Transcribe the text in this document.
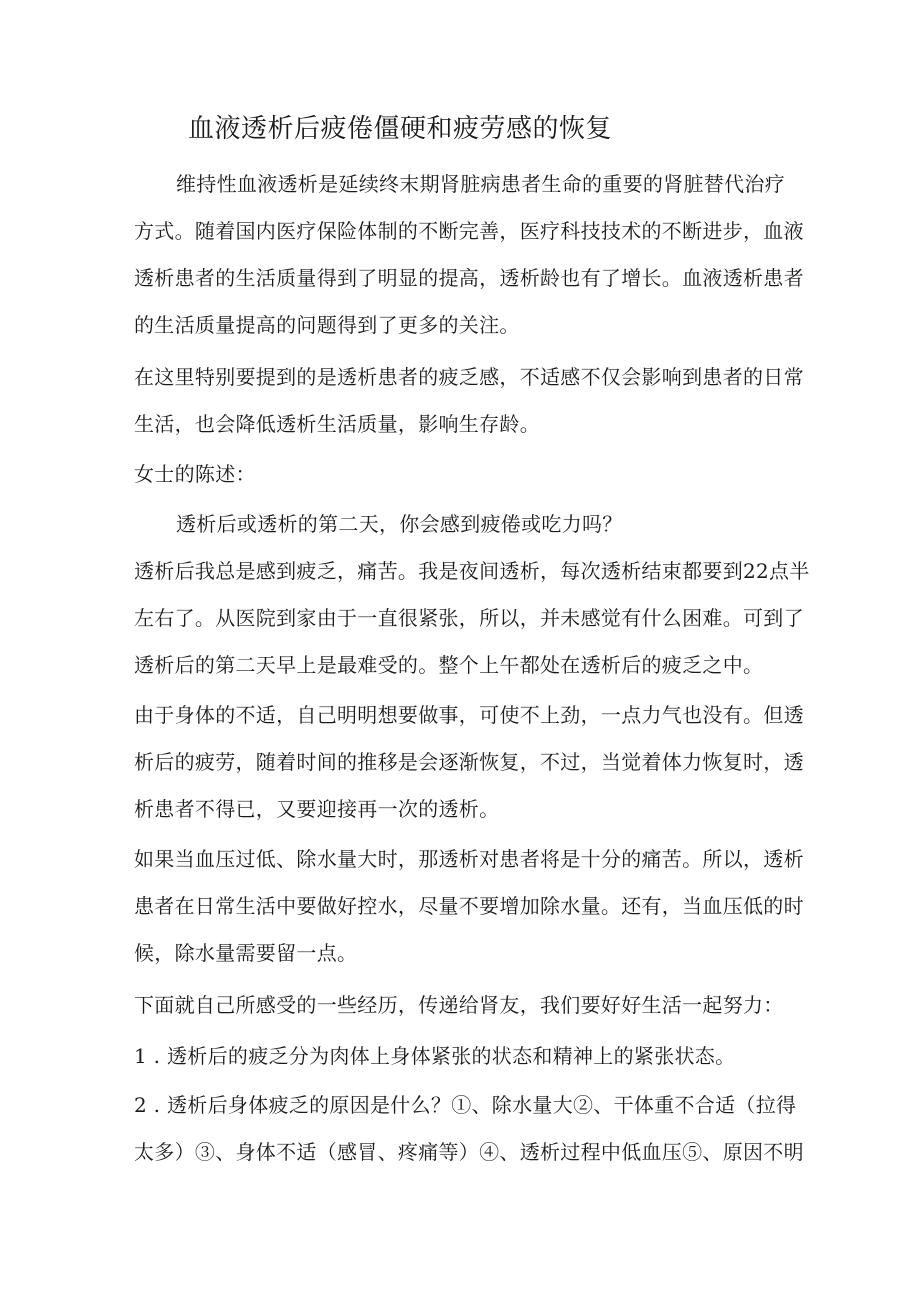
血液透析后疲倦僵硬和疲劳感的恢复
维持性血液透析是延续终末期肾脏病患者生命的重要的肾脏替代治疗
方式。随着国内医疗保险体制的不断完善，医疗科技技术的不断进步，血液
透析患者的生活质量得到了明显的提高，透析龄也有了增长。血液透析患者
的生活质量提高的问题得到了更多的关注。
在这里特别要提到的是透析患者的疲乏感，不适感不仅会影响到患者的日常
生活，也会降低透析生活质量，影响生存龄。
女士的陈述：
透析后或透析的第二天，你会感到疲倦或吃力吗？
透析后我总是感到疲乏，痛苦。我是夜间透析，每次透析结束都要到22点半
左右了。从医院到家由于一直很紧张，所以，并未感觉有什么困难。可到了
透析后的第二天早上是最难受的。整个上午都处在透析后的疲乏之中。
由于身体的不适，自己明明想要做事，可使不上劲，一点力气也没有。但透
析后的疲劳，随着时间的推移是会逐渐恢复，不过，当觉着体力恢复时，透
析患者不得已，又要迎接再一次的透析。
如果当血压过低、除水量大时，那透析对患者将是十分的痛苦。所以，透析
患者在日常生活中要做好控水，尽量不要增加除水量。还有，当血压低的时
候，除水量需要留一点。
下面就自己所感受的一些经历，传递给肾友，我们要好好生活一起努力：
1 . 透析后的疲乏分为肉体上身体紧张的状态和精神上的紧张状态。
2 . 透析后身体疲乏的原因是什么？①、除水量大②、干体重不合适（拉得
太多）③、身体不适（感冒、疼痛等）④、透析过程中低血压⑤、原因不明
